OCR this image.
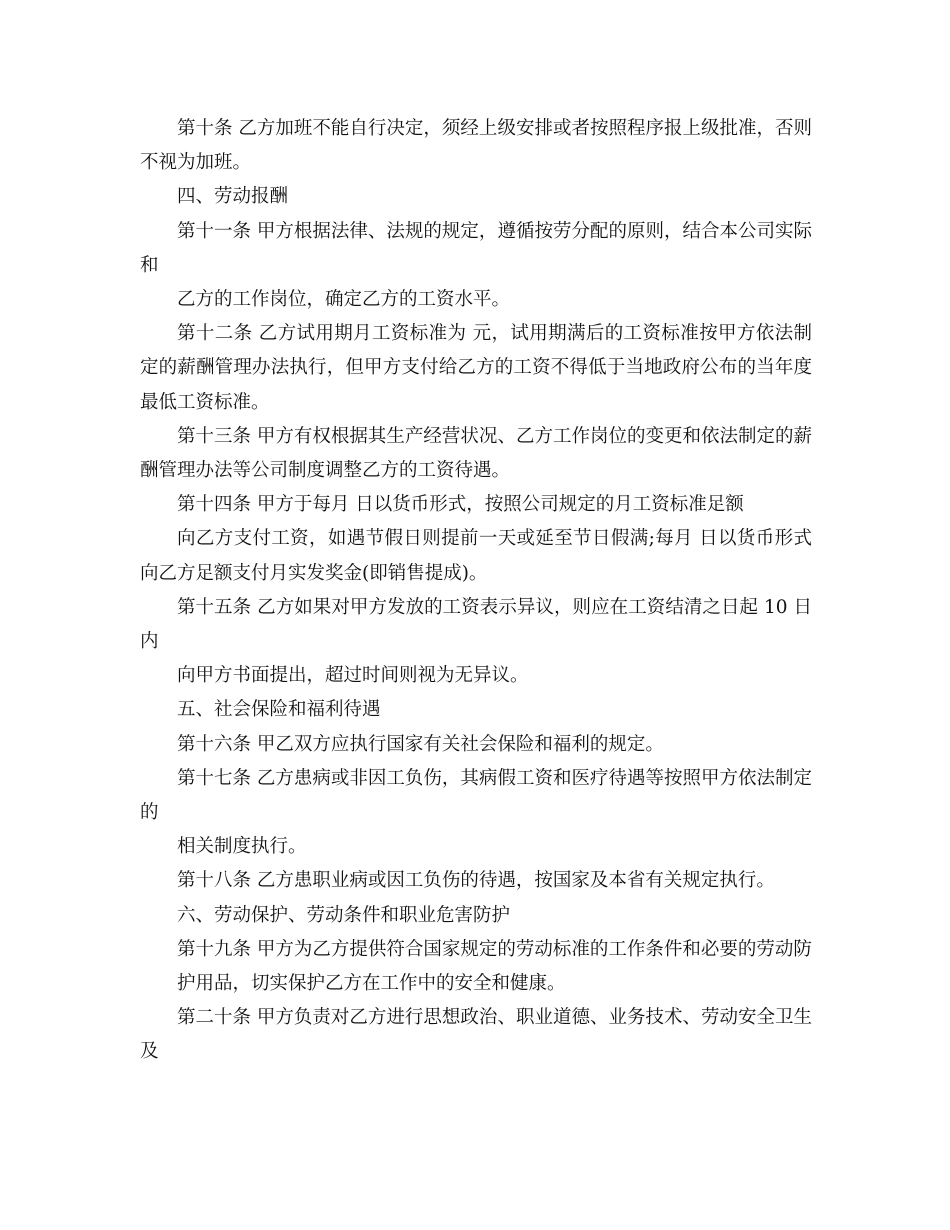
第十条 乙方加班不能自行决定，须经上级安排或者按照程序报上级批准，否则不视为加班。

四、劳动报酬

第十一条 甲方根据法律、法规的规定，遵循按劳分配的原则，结合本公司实际和

乙方的工作岗位，确定乙方的工资水平。

第十二条 乙方试用期月工资标准为 元，试用期满后的工资标准按甲方依法制定的薪酬管理办法执行，但甲方支付给乙方的工资不得低于当地政府公布的当年度最低工资标准。

第十三条 甲方有权根据其生产经营状况、乙方工作岗位的变更和依法制定的薪酬管理办法等公司制度调整乙方的工资待遇。

第十四条 甲方于每月 日以货币形式，按照公司规定的月工资标准足额

向乙方支付工资，如遇节假日则提前一天或延至节日假满;每月 日以货币形式向乙方足额支付月实发奖金(即销售提成)。

第十五条 乙方如果对甲方发放的工资表示异议，则应在工资结清之日起 10 日内

向甲方书面提出，超过时间则视为无异议。

五、社会保险和福利待遇

第十六条 甲乙双方应执行国家有关社会保险和福利的规定。

第十七条 乙方患病或非因工负伤，其病假工资和医疗待遇等按照甲方依法制定的

相关制度执行。

第十八条 乙方患职业病或因工负伤的待遇，按国家及本省有关规定执行。

六、劳动保护、劳动条件和职业危害防护

第十九条 甲方为乙方提供符合国家规定的劳动标准的工作条件和必要的劳动防

护用品，切实保护乙方在工作中的安全和健康。

第二十条 甲方负责对乙方进行思想政治、职业道德、业务技术、劳动安全卫生及
